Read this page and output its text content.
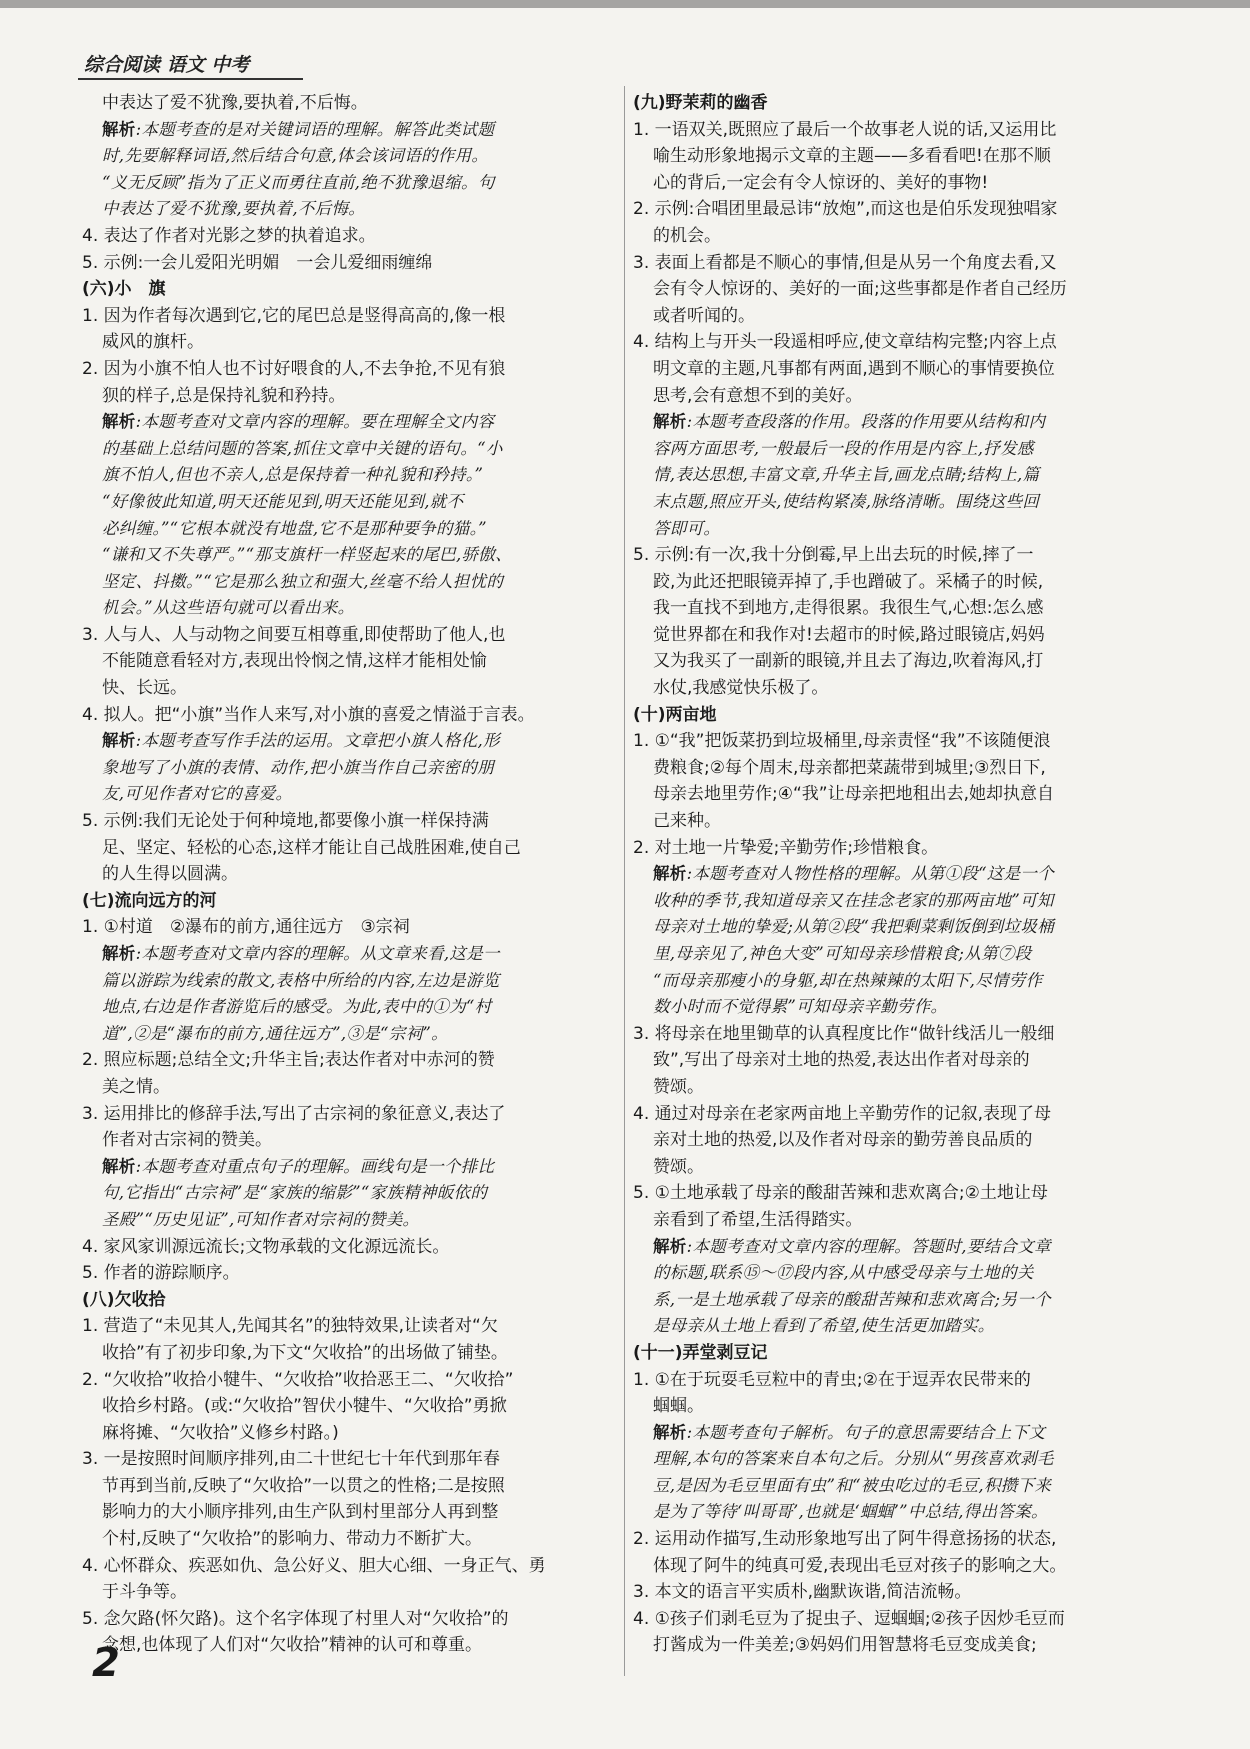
综合阅读 语文 中考
中表达了爱不犹豫,要执着,不后悔。
解析:本题考查的是对关键词语的理解。解答此类试题
时,先要解释词语,然后结合句意,体会该词语的作用。
“义无反顾”指为了正义而勇往直前,绝不犹豫退缩。句
中表达了爱不犹豫,要执着,不后悔。
4. 表达了作者对光影之梦的执着追求。
5. 示例:一会儿爱阳光明媚　一会儿爱细雨缠绵
(六)小　旗
1. 因为作者每次遇到它,它的尾巴总是竖得高高的,像一根
威风的旗杆。
2. 因为小旗不怕人也不讨好喂食的人,不去争抢,不见有狼
狈的样子,总是保持礼貌和矜持。
解析:本题考查对文章内容的理解。要在理解全文内容
的基础上总结问题的答案,抓住文章中关键的语句。“小
旗不怕人,但也不亲人,总是保持着一种礼貌和矜持。”
“好像彼此知道,明天还能见到,明天还能见到,就不
必纠缠。”“它根本就没有地盘,它不是那种要争的猫。”
“谦和又不失尊严。”“那支旗杆一样竖起来的尾巴,骄傲、
坚定、抖擞。”“它是那么独立和强大,丝毫不给人担忧的
机会。”从这些语句就可以看出来。
3. 人与人、人与动物之间要互相尊重,即使帮助了他人,也
不能随意看轻对方,表现出怜悯之情,这样才能相处愉
快、长远。
4. 拟人。把“小旗”当作人来写,对小旗的喜爱之情溢于言表。
解析:本题考查写作手法的运用。文章把小旗人格化,形
象地写了小旗的表情、动作,把小旗当作自己亲密的朋
友,可见作者对它的喜爱。
5. 示例:我们无论处于何种境地,都要像小旗一样保持满
足、坚定、轻松的心态,这样才能让自己战胜困难,使自己
的人生得以圆满。
(七)流向远方的河
1. ①村道　②瀑布的前方,通往远方　③宗祠
解析:本题考查对文章内容的理解。从文章来看,这是一
篇以游踪为线索的散文,表格中所给的内容,左边是游览
地点,右边是作者游览后的感受。为此,表中的①为“村
道”,②是“瀑布的前方,通往远方”,③是“宗祠”。
2. 照应标题;总结全文;升华主旨;表达作者对中赤河的赞
美之情。
3. 运用排比的修辞手法,写出了古宗祠的象征意义,表达了
作者对古宗祠的赞美。
解析:本题考查对重点句子的理解。画线句是一个排比
句,它指出“古宗祠”是“家族的缩影”“家族精神皈依的
圣殿”“历史见证”,可知作者对宗祠的赞美。
4. 家风家训源远流长;文物承载的文化源远流长。
5. 作者的游踪顺序。
(八)欠收拾
1. 营造了“未见其人,先闻其名”的独特效果,让读者对“欠
收拾”有了初步印象,为下文“欠收拾”的出场做了铺垫。
2. “欠收拾”收拾小犍牛、“欠收拾”收拾恶王二、“欠收拾”
收拾乡村路。(或:“欠收拾”智伏小犍牛、“欠收拾”勇掀
麻将摊、“欠收拾”义修乡村路。)
3. 一是按照时间顺序排列,由二十世纪七十年代到那年春
节再到当前,反映了“欠收拾”一以贯之的性格;二是按照
影响力的大小顺序排列,由生产队到村里部分人再到整
个村,反映了“欠收拾”的影响力、带动力不断扩大。
4. 心怀群众、疾恶如仇、急公好义、胆大心细、一身正气、勇
于斗争等。
5. 念欠路(怀欠路)。这个名字体现了村里人对“欠收拾”的
念想,也体现了人们对“欠收拾”精神的认可和尊重。
(九)野茉莉的幽香
1. 一语双关,既照应了最后一个故事老人说的话,又运用比
喻生动形象地揭示文章的主题——多看看吧!在那不顺
心的背后,一定会有令人惊讶的、美好的事物!
2. 示例:合唱团里最忌讳“放炮”,而这也是伯乐发现独唱家
的机会。
3. 表面上看都是不顺心的事情,但是从另一个角度去看,又
会有令人惊讶的、美好的一面;这些事都是作者自己经历
或者听闻的。
4. 结构上与开头一段遥相呼应,使文章结构完整;内容上点
明文章的主题,凡事都有两面,遇到不顺心的事情要换位
思考,会有意想不到的美好。
解析:本题考查段落的作用。段落的作用要从结构和内
容两方面思考,一般最后一段的作用是内容上,抒发感
情,表达思想,丰富文章,升华主旨,画龙点睛;结构上,篇
末点题,照应开头,使结构紧凑,脉络清晰。围绕这些回
答即可。
5. 示例:有一次,我十分倒霉,早上出去玩的时候,摔了一
跤,为此还把眼镜弄掉了,手也蹭破了。采橘子的时候,
我一直找不到地方,走得很累。我很生气,心想:怎么感
觉世界都在和我作对!去超市的时候,路过眼镜店,妈妈
又为我买了一副新的眼镜,并且去了海边,吹着海风,打
水仗,我感觉快乐极了。
(十)两亩地
1. ①“我”把饭菜扔到垃圾桶里,母亲责怪“我”不该随便浪
费粮食;②每个周末,母亲都把菜蔬带到城里;③烈日下,
母亲去地里劳作;④“我”让母亲把地租出去,她却执意自
己来种。
2. 对土地一片挚爱;辛勤劳作;珍惜粮食。
解析:本题考查对人物性格的理解。从第①段“这是一个
收种的季节,我知道母亲又在挂念老家的那两亩地”可知
母亲对土地的挚爱;从第②段“我把剩菜剩饭倒到垃圾桶
里,母亲见了,神色大变”可知母亲珍惜粮食;从第⑦段
“而母亲那瘦小的身躯,却在热辣辣的太阳下,尽情劳作
数小时而不觉得累”可知母亲辛勤劳作。
3. 将母亲在地里锄草的认真程度比作“做针线活儿一般细
致”,写出了母亲对土地的热爱,表达出作者对母亲的
赞颂。
4. 通过对母亲在老家两亩地上辛勤劳作的记叙,表现了母
亲对土地的热爱,以及作者对母亲的勤劳善良品质的
赞颂。
5. ①土地承载了母亲的酸甜苦辣和悲欢离合;②土地让母
亲看到了希望,生活得踏实。
解析:本题考查对文章内容的理解。答题时,要结合文章
的标题,联系⑮～⑰段内容,从中感受母亲与土地的关
系,一是土地承载了母亲的酸甜苦辣和悲欢离合;另一个
是母亲从土地上看到了希望,使生活更加踏实。
(十一)弄堂剥豆记
1. ①在于玩耍毛豆粒中的青虫;②在于逗弄农民带来的
蝈蝈。
解析:本题考查句子解析。句子的意思需要结合上下文
理解,本句的答案来自本句之后。分别从“男孩喜欢剥毛
豆,是因为毛豆里面有虫”和“被虫吃过的毛豆,积攒下来
是为了等待‘叫哥哥’,也就是‘蝈蝈’”中总结,得出答案。
2. 运用动作描写,生动形象地写出了阿牛得意扬扬的状态,
体现了阿牛的纯真可爱,表现出毛豆对孩子的影响之大。
3. 本文的语言平实质朴,幽默诙谐,简洁流畅。
4. ①孩子们剥毛豆为了捉虫子、逗蝈蝈;②孩子因炒毛豆而
打酱成为一件美差;③妈妈们用智慧将毛豆变成美食;
2
